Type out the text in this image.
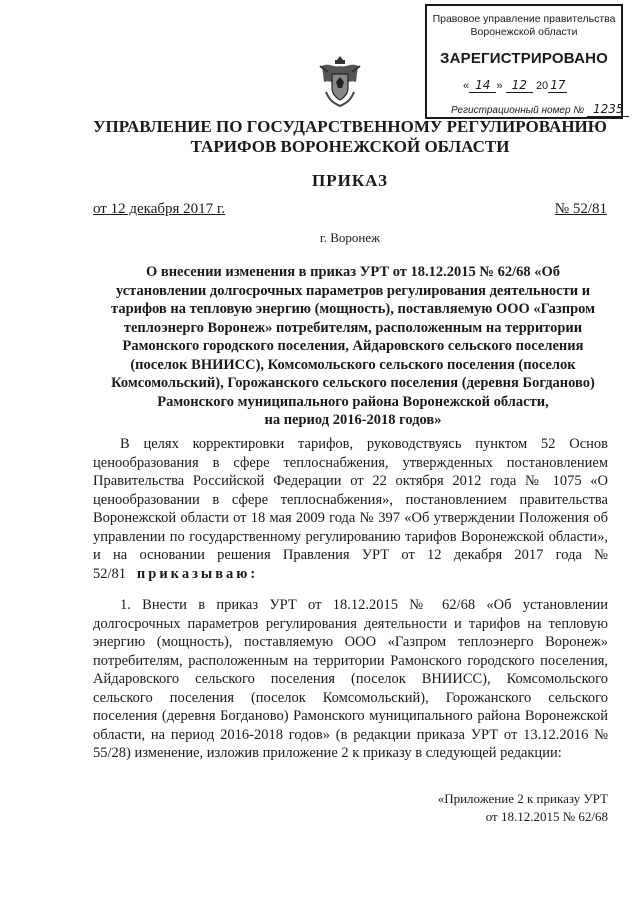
Правовое управление правительства
Воронежской области
ЗАРЕГИСТРИРОВАНО
« 14 » 12 20 17
Регистрационный номер № 1235
УПРАВЛЕНИЕ ПО ГОСУДАРСТВЕННОМУ РЕГУЛИРОВАНИЮ
ТАРИФОВ ВОРОНЕЖСКОЙ ОБЛАСТИ
ПРИКАЗ
от 12 декабря 2017 г.	№ 52/81
г. Воронеж
О внесении изменения в приказ УРТ от 18.12.2015 № 62/68 «Об
установлении долгосрочных параметров регулирования деятельности и
тарифов на тепловую энергию (мощность), поставляемую ООО «Газпром
теплоэнерго Воронеж» потребителям, расположенным на территории
Рамонского городского поселения, Айдаровского сельского поселения
(поселок ВНИИСС), Комсомольского сельского поселения (поселок
Комсомольский), Горожанского сельского поселения (деревня Богданово)
Рамонского муниципального района Воронежской области,
на период 2016-2018 годов»

В целях корректировки тарифов, руководствуясь пунктом 52 Основ ценообразования в сфере теплоснабжения, утвержденных постановлением Правительства Российской Федерации от 22 октября 2012 года № 1075 «О ценообразовании в сфере теплоснабжения», постановлением правительства Воронежской области от 18 мая 2009 года № 397 «Об утверждении Положения об управлении по государственному регулированию тарифов Воронежской области», и на основании решения Правления УРТ от 12 декабря 2017 года № 52/81 приказываю:

1. Внести в приказ УРТ от 18.12.2015 № 62/68 «Об установлении долгосрочных параметров регулирования деятельности и тарифов на тепловую энергию (мощность), поставляемую ООО «Газпром теплоэнерго Воронеж» потребителям, расположенным на территории Рамонского городского поселения, Айдаровского сельского поселения (поселок ВНИИСС), Комсомольского сельского поселения (поселок Комсомольский), Горожанского сельского поселения (деревня Богданово) Рамонского муниципального района Воронежской области, на период 2016-2018 годов» (в редакции приказа УРТ от 13.12.2016 № 55/28) изменение, изложив приложение 2 к приказу в следующей редакции:

«Приложение 2 к приказу УРТ
от 18.12.2015 № 62/68
